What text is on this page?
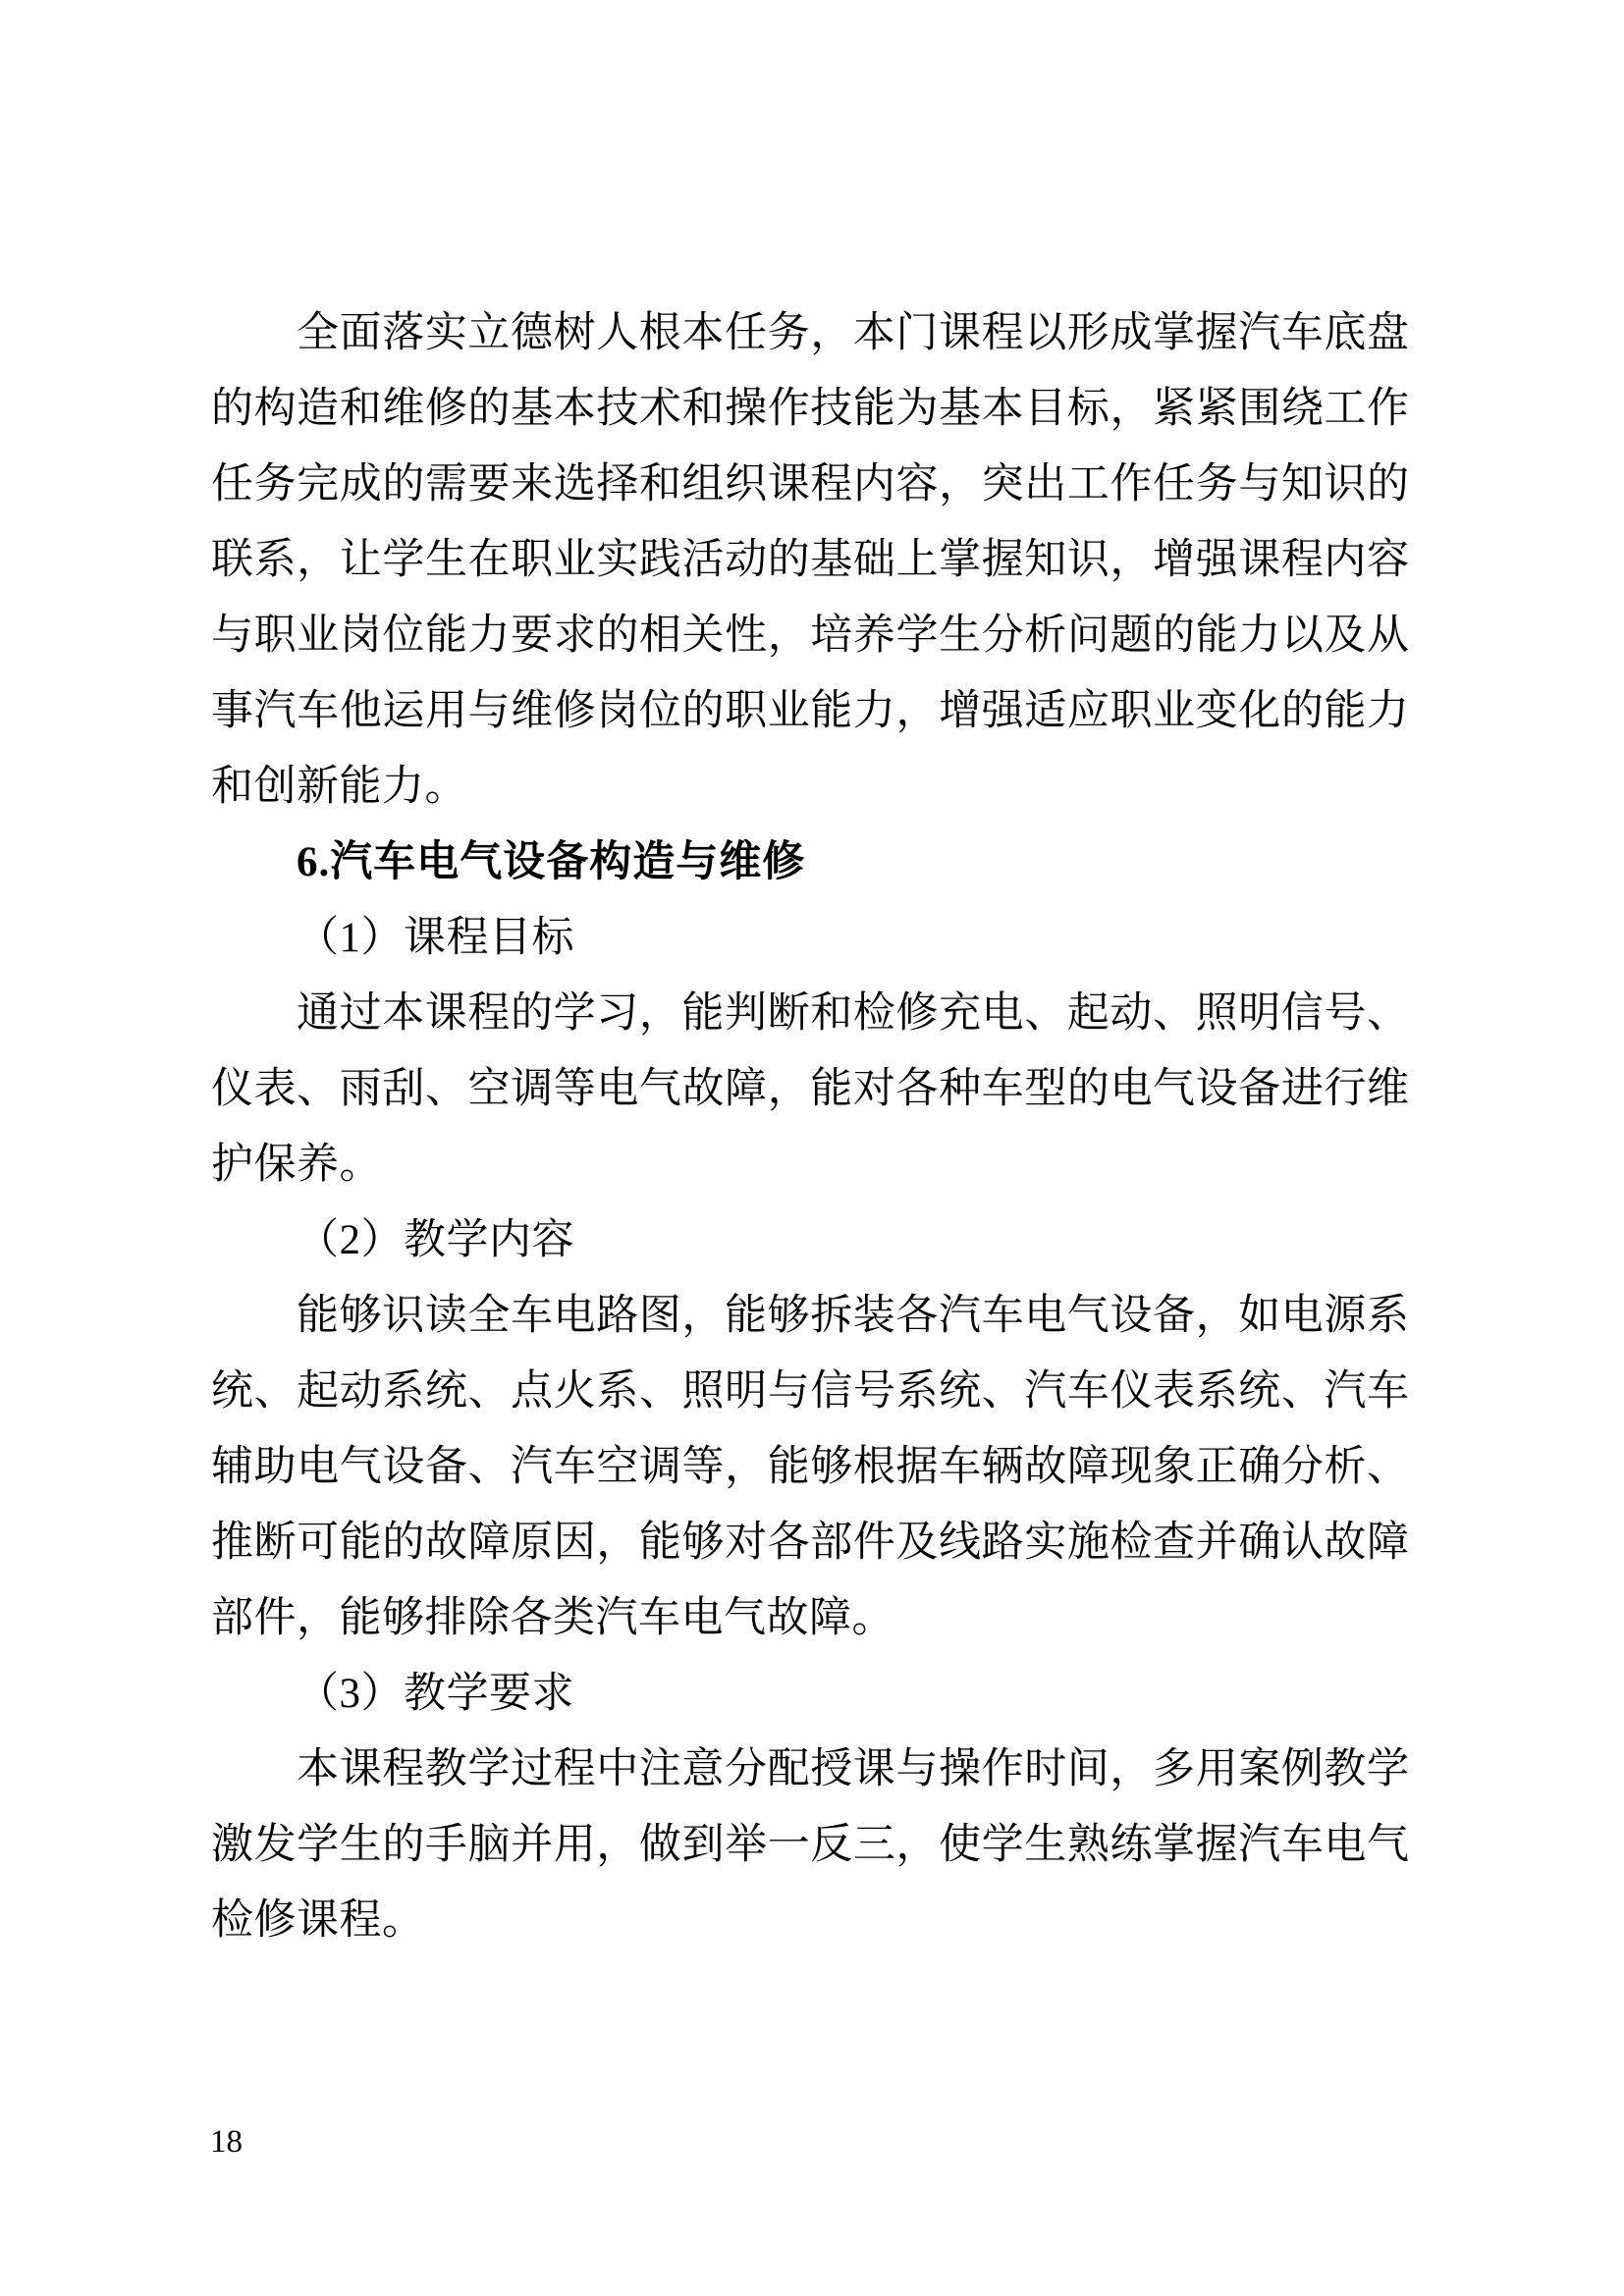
全面落实立德树人根本任务，本门课程以形成掌握汽车底盘
的构造和维修的基本技术和操作技能为基本目标，紧紧围绕工作
任务完成的需要来选择和组织课程内容，突出工作任务与知识的
联系，让学生在职业实践活动的基础上掌握知识，增强课程内容
与职业岗位能力要求的相关性，培养学生分析问题的能力以及从
事汽车他运用与维修岗位的职业能力，增强适应职业变化的能力
和创新能力。
6.汽车电气设备构造与维修
（1）课程目标
通过本课程的学习，能判断和检修充电、起动、照明信号、
仪表、雨刮、空调等电气故障，能对各种车型的电气设备进行维
护保养。
（2）教学内容
能够识读全车电路图，能够拆装各汽车电气设备，如电源系
统、起动系统、点火系、照明与信号系统、汽车仪表系统、汽车
辅助电气设备、汽车空调等，能够根据车辆故障现象正确分析、
推断可能的故障原因，能够对各部件及线路实施检查并确认故障
部件，能够排除各类汽车电气故障。
（3）教学要求
本课程教学过程中注意分配授课与操作时间，多用案例教学
激发学生的手脑并用，做到举一反三，使学生熟练掌握汽车电气
检修课程。
18
